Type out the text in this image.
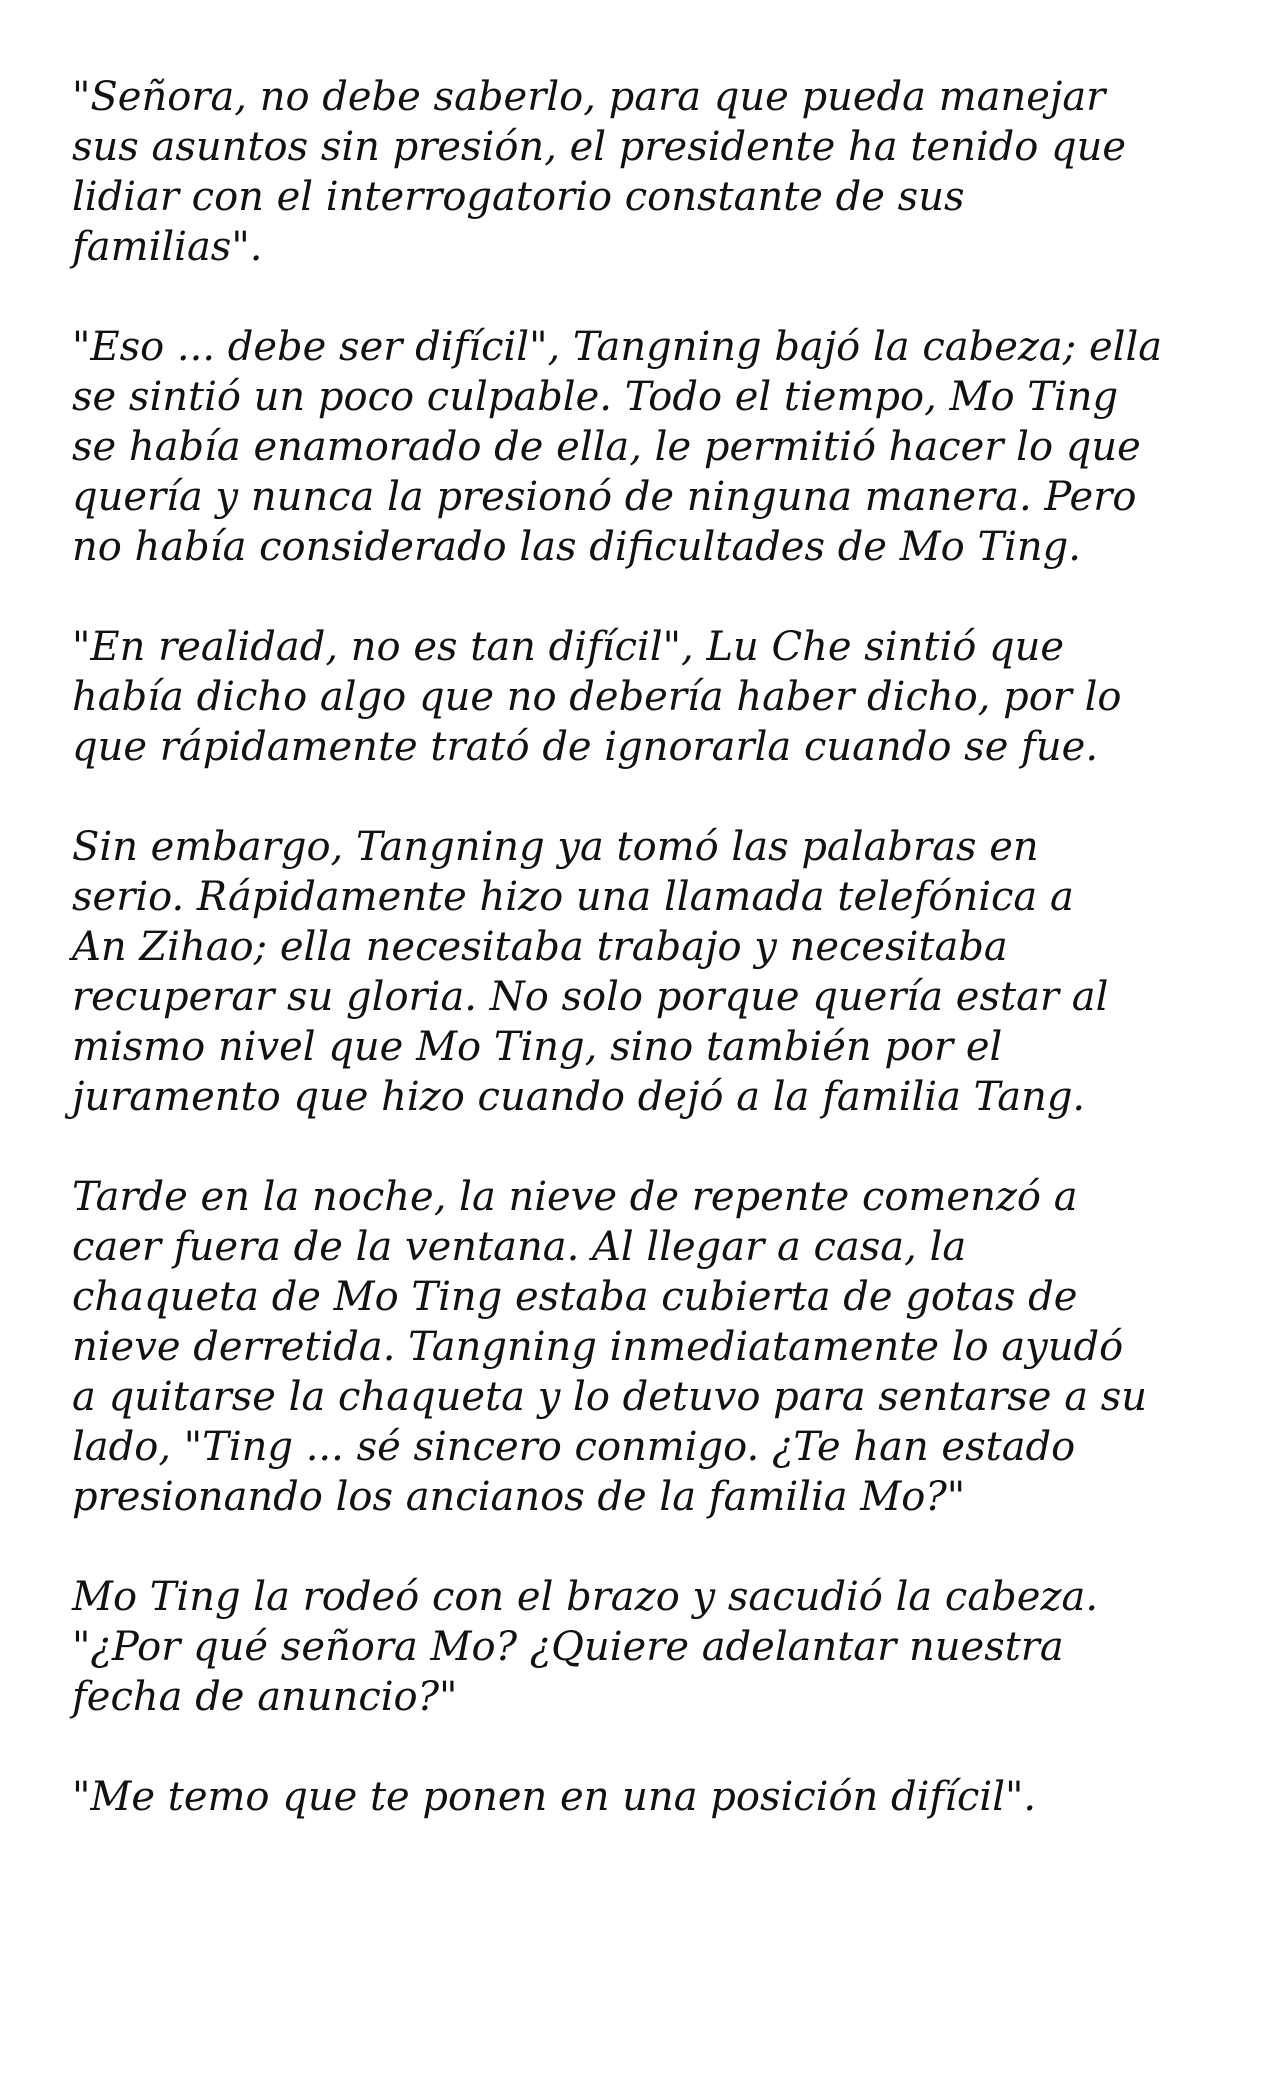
"Señora, no debe saberlo, para que pueda manejar
sus asuntos sin presión, el presidente ha tenido que
lidiar con el interrogatorio constante de sus
familias".

"Eso ... debe ser difícil", Tangning bajó la cabeza; ella
se sintió un poco culpable. Todo el tiempo, Mo Ting
se había enamorado de ella, le permitió hacer lo que
quería y nunca la presionó de ninguna manera. Pero
no había considerado las dificultades de Mo Ting.

"En realidad, no es tan difícil", Lu Che sintió que
había dicho algo que no debería haber dicho, por lo
que rápidamente trató de ignorarla cuando se fue.

Sin embargo, Tangning ya tomó las palabras en
serio. Rápidamente hizo una llamada telefónica a
An Zihao; ella necesitaba trabajo y necesitaba
recuperar su gloria. No solo porque quería estar al
mismo nivel que Mo Ting, sino también por el
juramento que hizo cuando dejó a la familia Tang.

Tarde en la noche, la nieve de repente comenzó a
caer fuera de la ventana. Al llegar a casa, la
chaqueta de Mo Ting estaba cubierta de gotas de
nieve derretida. Tangning inmediatamente lo ayudó
a quitarse la chaqueta y lo detuvo para sentarse a su
lado, "Ting ... sé sincero conmigo. ¿Te han estado
presionando los ancianos de la familia Mo?"

Mo Ting la rodeó con el brazo y sacudió la cabeza.
"¿Por qué señora Mo? ¿Quiere adelantar nuestra
fecha de anuncio?"

"Me temo que te ponen en una posición difícil".
